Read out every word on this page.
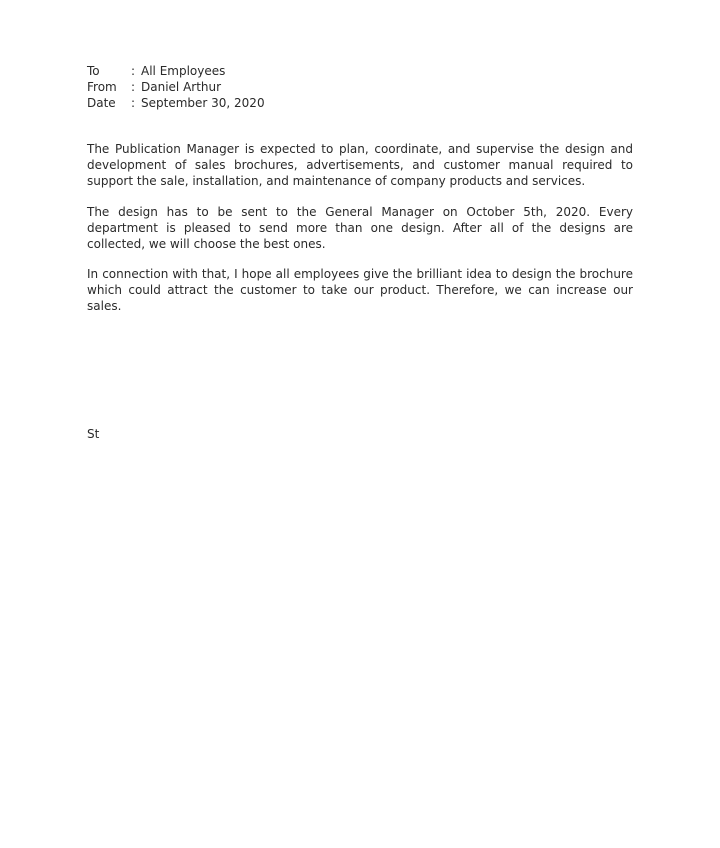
To	: All Employees
From	: Daniel Arthur
Date	: September 30, 2020

The Publication Manager is expected to plan, coordinate, and supervise the design and development of sales brochures, advertisements, and customer manual required to support the sale, installation, and maintenance of company products and services.

The design has to be sent to the General Manager on October 5th, 2020. Every department is pleased to send more than one design. After all of the designs are collected, we will choose the best ones.

In connection with that, I hope all employees give the brilliant idea to design the brochure which could attract the customer to take our product. Therefore, we can increase our sales.

St
